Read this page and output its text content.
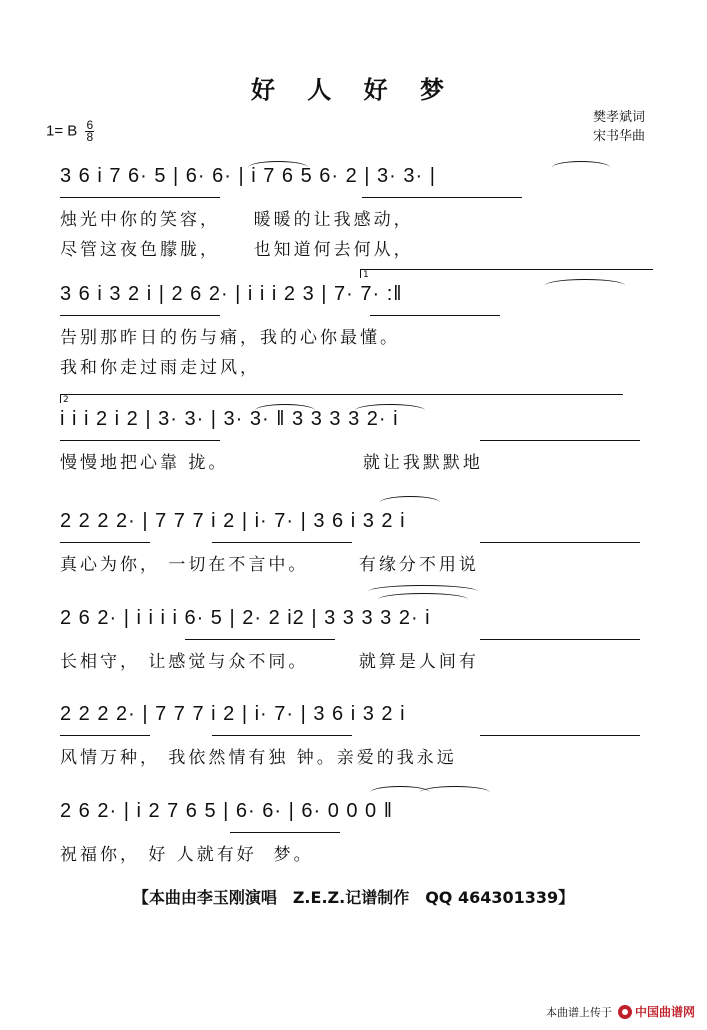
好 人 好 梦
樊孝斌词
宋书华曲
1= B $\frac{6}{8}$
3 6 i 7 6· 5 | 6· 6· | i 7 6 5 6· 2 | 3· 3· |
烛光中你的笑容，    暖暖的让我感动，
尽管这夜色朦胧，    也知道何去何从，
1
3 6 i 3 2 i | 2 6 2· | i i i 2 3 | 7· 7· :‖
告别那昨日的伤与痛，我的心你最懂。
我和你走过雨走过风，
2
i i i 2 i 2 | 3· 3· | 3· 3· ‖ 3 3 3 3 2· i
慢慢地把心靠 拢。                就让我默默地
2 2 2 2· | 7 7 7 i 2 | i· 7· | 3 6 i 3 2 i
真心为你， 一切在不言中。      有缘分不用说
2 6 2· | i i i i 6· 5 | 2· 2 i2 | 3 3 3 3 2· i
长相守， 让感觉与众不同。      就算是人间有
2 2 2 2· | 7 7 7 i 2 | i· 7· | 3 6 i 3 2 i
风情万种， 我依然情有独 钟。亲爱的我永远
2 6 2· | i 2 7 6 5 | 6· 6· | 6· 0 0 0 ‖
祝福你， 好 人就有好  梦。
【本曲由李玉刚演唱　Z.E.Z.记谱制作　QQ 464301339】
本曲谱上传于 中国曲谱网
